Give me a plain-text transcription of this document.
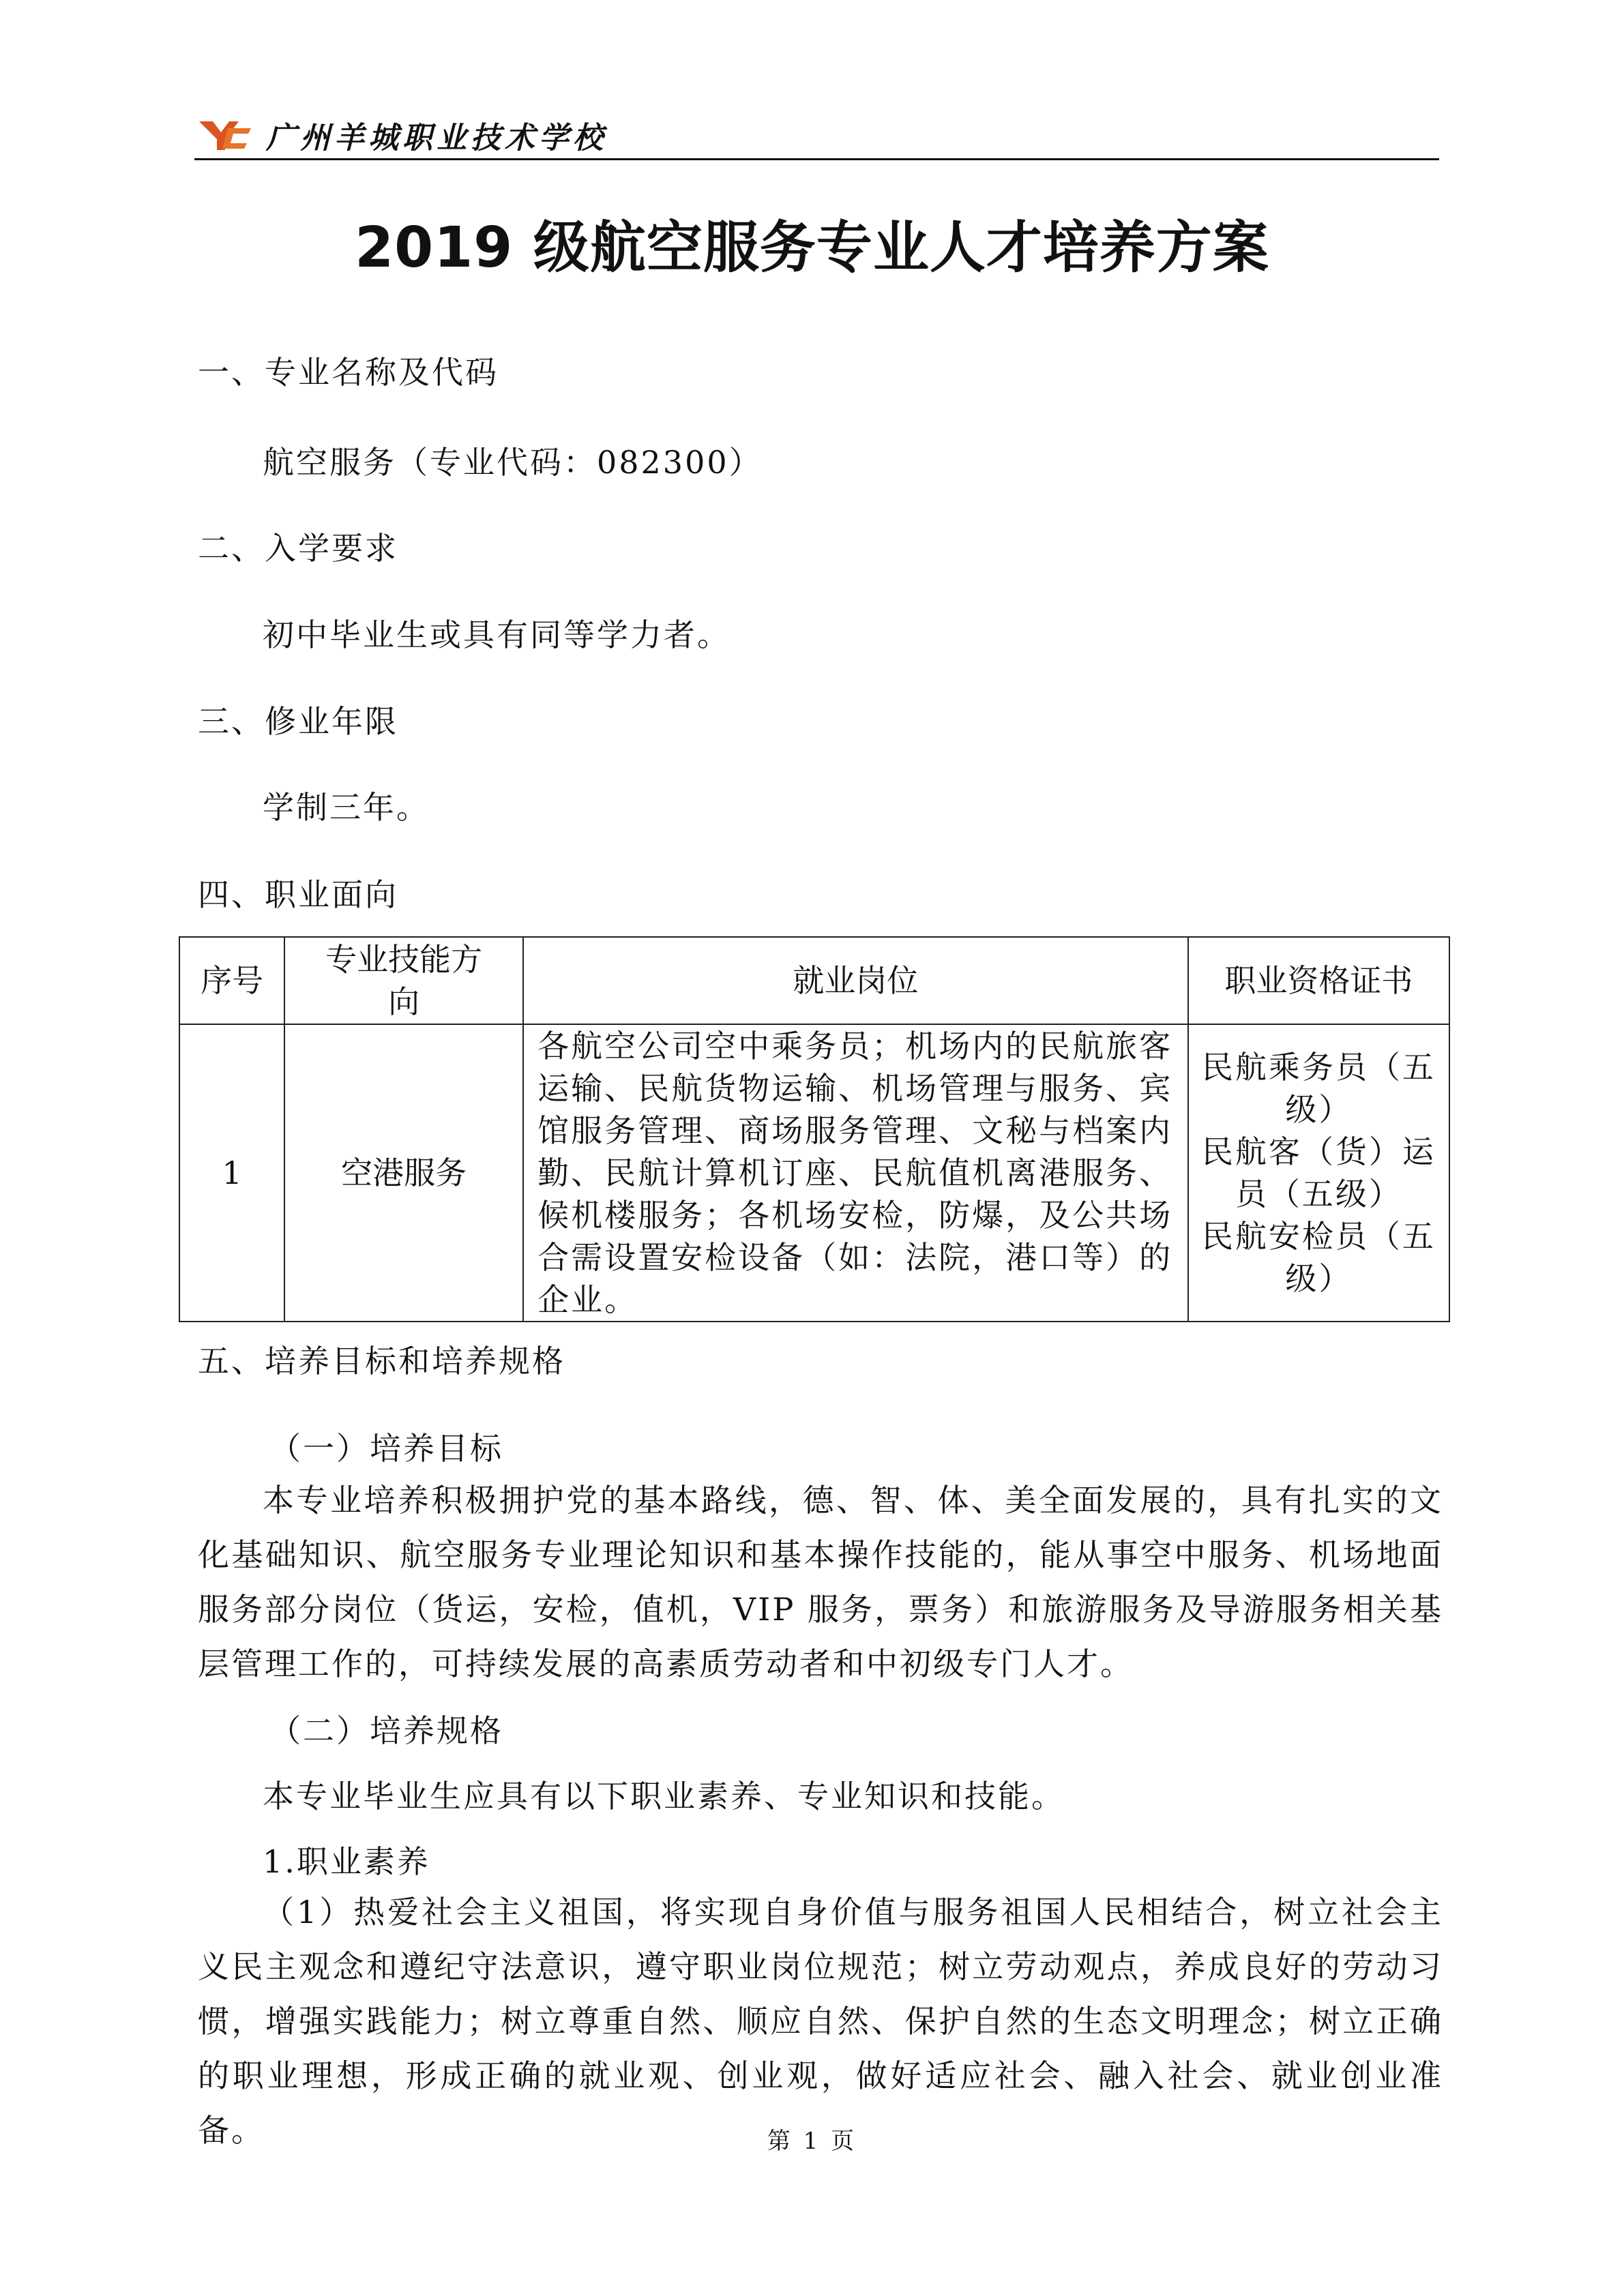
广州羊城职业技术学校
2019 级航空服务专业人才培养方案
一、专业名称及代码
航空服务（专业代码：082300）
二、入学要求
初中毕业生或具有同等学力者。
三、修业年限
学制三年。
四、职业面向
序号	专业技能方向	就业岗位	职业资格证书
1	空港服务	各航空公司空中乘务员；机场内的民航旅客运输、民航货物运输、机场管理与服务、宾馆服务管理、商场服务管理、文秘与档案内勤、民航计算机订座、民航值机离港服务、候机楼服务；各机场安检，防爆，及公共场合需设置安检设备（如：法院，港口等）的企业。	民航乘务员（五级）
民航客（货）运员（五级）
民航安检员（五级）
五、培养目标和培养规格
（一）培养目标
本专业培养积极拥护党的基本路线，德、智、体、美全面发展的，具有扎实的文化基础知识、航空服务专业理论知识和基本操作技能的，能从事空中服务、机场地面服务部分岗位（货运，安检，值机，VIP 服务，票务）和旅游服务及导游服务相关基层管理工作的，可持续发展的高素质劳动者和中初级专门人才。
（二）培养规格
本专业毕业生应具有以下职业素养、专业知识和技能。
1.职业素养
（1）热爱社会主义祖国，将实现自身价值与服务祖国人民相结合，树立社会主义民主观念和遵纪守法意识，遵守职业岗位规范；树立劳动观点，养成良好的劳动习惯，增强实践能力；树立尊重自然、顺应自然、保护自然的生态文明理念；树立正确的职业理想，形成正确的就业观、创业观，做好适应社会、融入社会、就业创业准备。	第 1 页
